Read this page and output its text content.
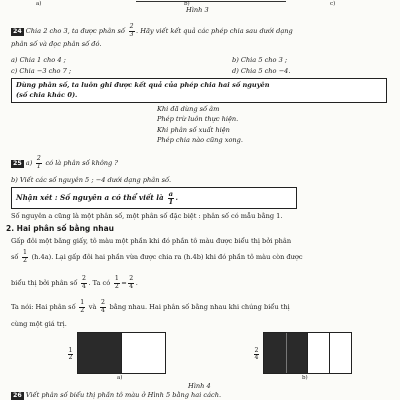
a)	b)	c)
Hình 3
24 Chia 2 cho 3, ta được phân số $\frac{2}{3}$ . Hãy viết kết quả các phép chia sau dưới dạng
phân số và đọc phân số đó.
a) Chia 1 cho 4 ;	b) Chia 5 cho 3 ;
c) Chia −3 cho 7 ;	d) Chia 5 cho −4.
Dùng phân số, ta luôn ghi được kết quả của phép chia hai số nguyên
(số chia khác 0).
Khi đã dùng số âm
Phép trừ luôn thực hiện.
Khi phân số xuất hiện
Phép chia nào cũng xong.
25 $a) \frac{2}{1}$ có là phân số không ?
b) Viết các số nguyên 5 ; −4 dưới dạng phân số.
Nhận xét : Số nguyên a có thể viết là $\frac{a}{1}$ .
Số nguyên a cũng là một phân số, một phân số đặc biệt : phân số có mẫu bằng 1.
2. Hai phân số bằng nhau
Gấp đôi một băng giấy, tô màu một phần khi đó phần tô màu được biểu thị bởi phân
số $\frac{1}{2} (h.4a)$. Lại gấp đôi hai phần vừa được chia ra (h.4b) khi đó phần tô màu còn được
biểu thị bởi phân số $\frac{2}{4}$ . Ta có $\frac{1}{2} = \frac{2}{4}$ .
Ta nói: Hai phân số $\frac{1}{2}$ và $\frac{2}{4}$ bằng nhau. Hai phân số bằng nhau khi chúng biểu thị
cùng một giá trị.
$\frac{1}{2}$
a)
$\frac{2}{4}$
b)
Hình 4
26 Viết phân số biểu thị phần tô màu ở Hình 5 bằng hai cách.
